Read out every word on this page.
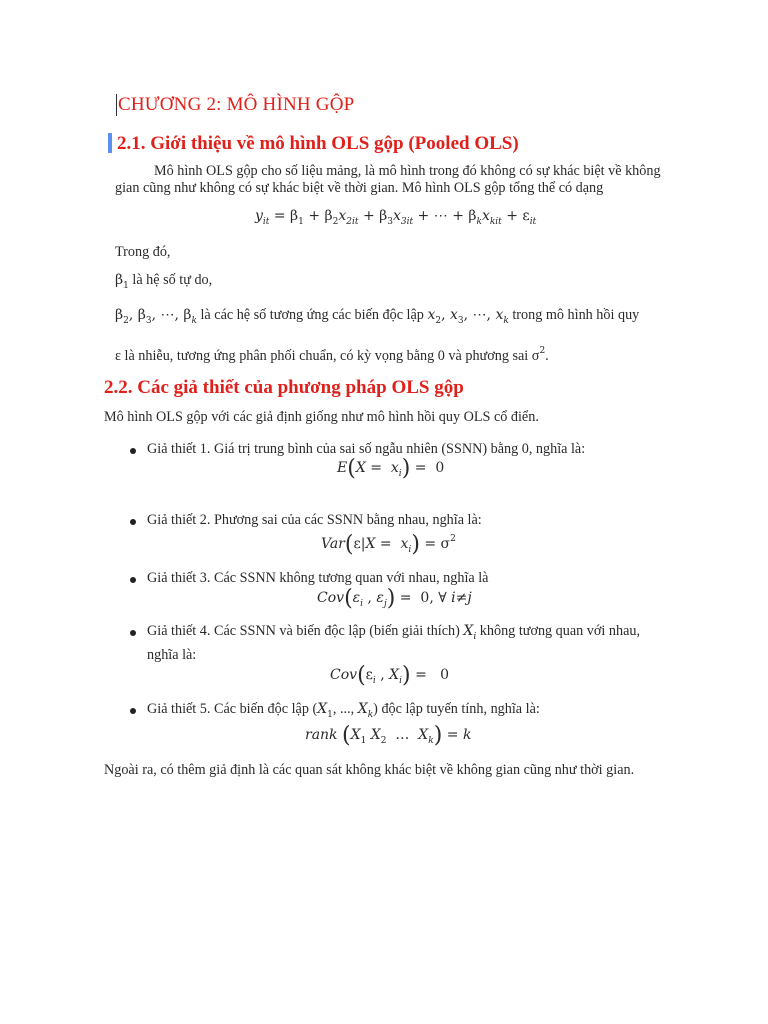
CHƯƠNG 2: MÔ HÌNH GỘP
2.1. Giới thiệu về mô hình OLS gộp (Pooled OLS)
Mô hình OLS gộp cho số liệu mảng, là mô hình trong đó không có sự khác biệt về không
gian cũng như không có sự khác biệt về thời gian. Mô hình OLS gộp tổng thể có dạng
$y_{it} = \beta_1 + \beta_2x_{2it} + \beta_3x_{3it}$ + ⋯ + $\beta_kx_{kit} + \varepsilon_{it}$
Trong đó,
$\beta_1$ là hệ số tự do,
$\beta_2$, $\beta_3$, ⋯, $\beta_k$ là các hệ số tương ứng các biến độc lập $x_2$, $x_3$, ⋯, $x_k$ trong mô hình hồi quy
ε là nhiễu, tương ứng phân phối chuẩn, có kỳ vọng bằng 0 và phương sai $\sigma^2$.
2.2. Các giả thiết của phương pháp OLS gộp
Mô hình OLS gộp với các giả định giống như mô hình hồi quy OLS cổ điển.
Giả thiết 1. Giá trị trung bình của sai số ngẫu nhiên (SSNN) bằng 0, nghĩa là:
$E(X = x_i) = 0$
Giả thiết 2. Phương sai của các SSNN bằng nhau, nghĩa là:
$Var(\varepsilon|X = x_i) = \sigma^2$
Giả thiết 3. Các SSNN không tương quan với nhau, nghĩa là
$Cov(\varepsilon_i$ , $\varepsilon_j) = 0$, ∀ i≠j
Giả thiết 4. Các SSNN và biến độc lập (biến giải thích) $X_i$ không tương quan với nhau,
nghĩa là:
$Cov(\varepsilon_i$ , $X_i) = 0$
Giả thiết 5. Các biến độc lập ($X_1$, ..., $X_k$) độc lập tuyến tính, nghĩa là:
rank ($X_1$ $X_2$  …  $X_k) = k$
Ngoài ra, có thêm giả định là các quan sát không khác biệt về không gian cũng như thời gian.
